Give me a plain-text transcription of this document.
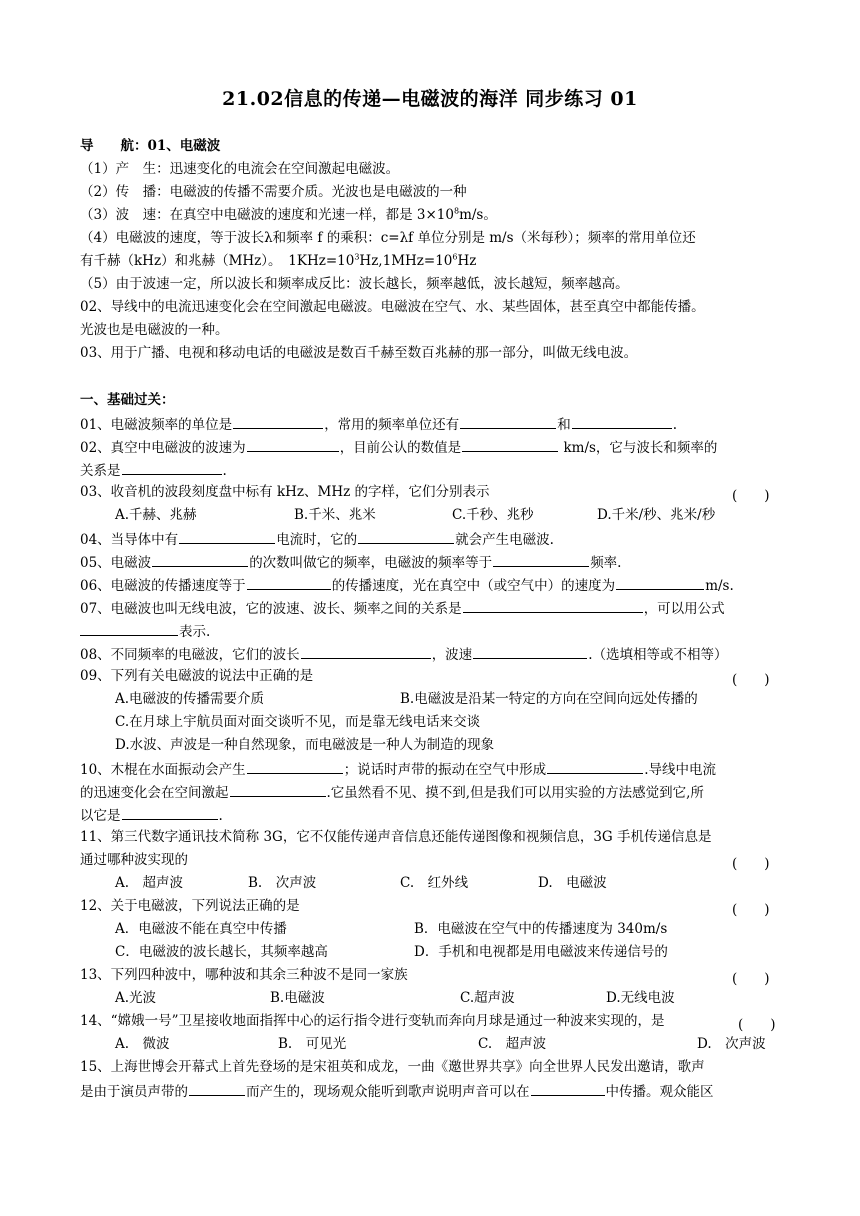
21.02信息的传递—电磁波的海洋 同步练习 01
导　　航：01、电磁波
（1）产　生：迅速变化的电流会在空间激起电磁波。
（2）传　播：电磁波的传播不需要介质。光波也是电磁波的一种
（3）波　速：在真空中电磁波的速度和光速一样，都是 $3\times 10^8m/s$。
（4）电磁波的速度，等于波长λ和频率 f 的乘积：c=λf 单位分别是 m/s（米每秒）；频率的常用单位还
有千赫（kHz）和兆赫（MHz）。　$1KHz=10^3Hz,1MHz=10^6Hz$
（5）由于波速一定，所以波长和频率成反比：波长越长，频率越低，波长越短，频率越高。
02、导线中的电流迅速变化会在空间激起电磁波。电磁波在空气、水、某些固体，甚至真空中都能传播。
光波也是电磁波的一种。
03、用于广播、电视和移动电话的电磁波是数百千赫至数百兆赫的那一部分，叫做无线电波。
一、基础过关：
01、电磁波频率的单位是	，常用的频率单位还有	和	.
02、真空中电磁波的波速为	，目前公认的数值是	km/s，它与波长和频率的
关系是	.
03、收音机的波段刻度盘中标有 kHz、MHz 的字样，它们分别表示	(　　)
A.千赫、兆赫	B.千米、兆米	C.千秒、兆秒	D.千米/秒、兆米/秒
04、当导体中有	电流时，它的	就会产生电磁波.
05、电磁波	的次数叫做它的频率，电磁波的频率等于	频率.
06、电磁波的传播速度等于	的传播速度，光在真空中（或空气中）的速度为	m/s.
07、电磁波也叫无线电波，它的波速、波长、频率之间的关系是	，可以用公式
表示.
08、不同频率的电磁波，它们的波长	，波速	.（选填相等或不相等）
09、下列有关电磁波的说法中正确的是	(　　)
A.电磁波的传播需要介质	B.电磁波是沿某一特定的方向在空间向远处传播的
C.在月球上宇航员面对面交谈听不见，而是靠无线电话来交谈
D.水波、声波是一种自然现象，而电磁波是一种人为制造的现象
10、木棍在水面振动会产生	；说话时声带的振动在空气中形成	.导线中电流
的迅速变化会在空间激起	.它虽然看不见、摸不到,但是我们可以用实验的方法感觉到它,所
以它是	.
11、第三代数字通讯技术简称 3G，它不仅能传递声音信息还能传递图像和视频信息，3G 手机传递信息是
通过哪种波实现的	(　　)
A.　超声波	B.　次声波	C.　红外线	D.　电磁波
12、关于电磁波，下列说法正确的是	(　　)
A．电磁波不能在真空中传播	B．电磁波在空气中的传播速度为 340m/s
C．电磁波的波长越长，其频率越高	D．手机和电视都是用电磁波来传递信号的
13、下列四种波中，哪种波和其余三种波不是同一家族	(　　)
A.光波	B.电磁波	C.超声波	D.无线电波
14、“嫦娥一号”卫星接收地面指挥中心的运行指令进行变轨而奔向月球是通过一种波来实现的，是	(　　)
A.　微波	B.　可见光	C.　超声波	D.　次声波
15、上海世博会开幕式上首先登场的是宋祖英和成龙，一曲《邀世界共享》向全世界人民发出邀请，歌声
是由于演员声带的	而产生的，现场观众能听到歌声说明声音可以在	中传播。观众能区
